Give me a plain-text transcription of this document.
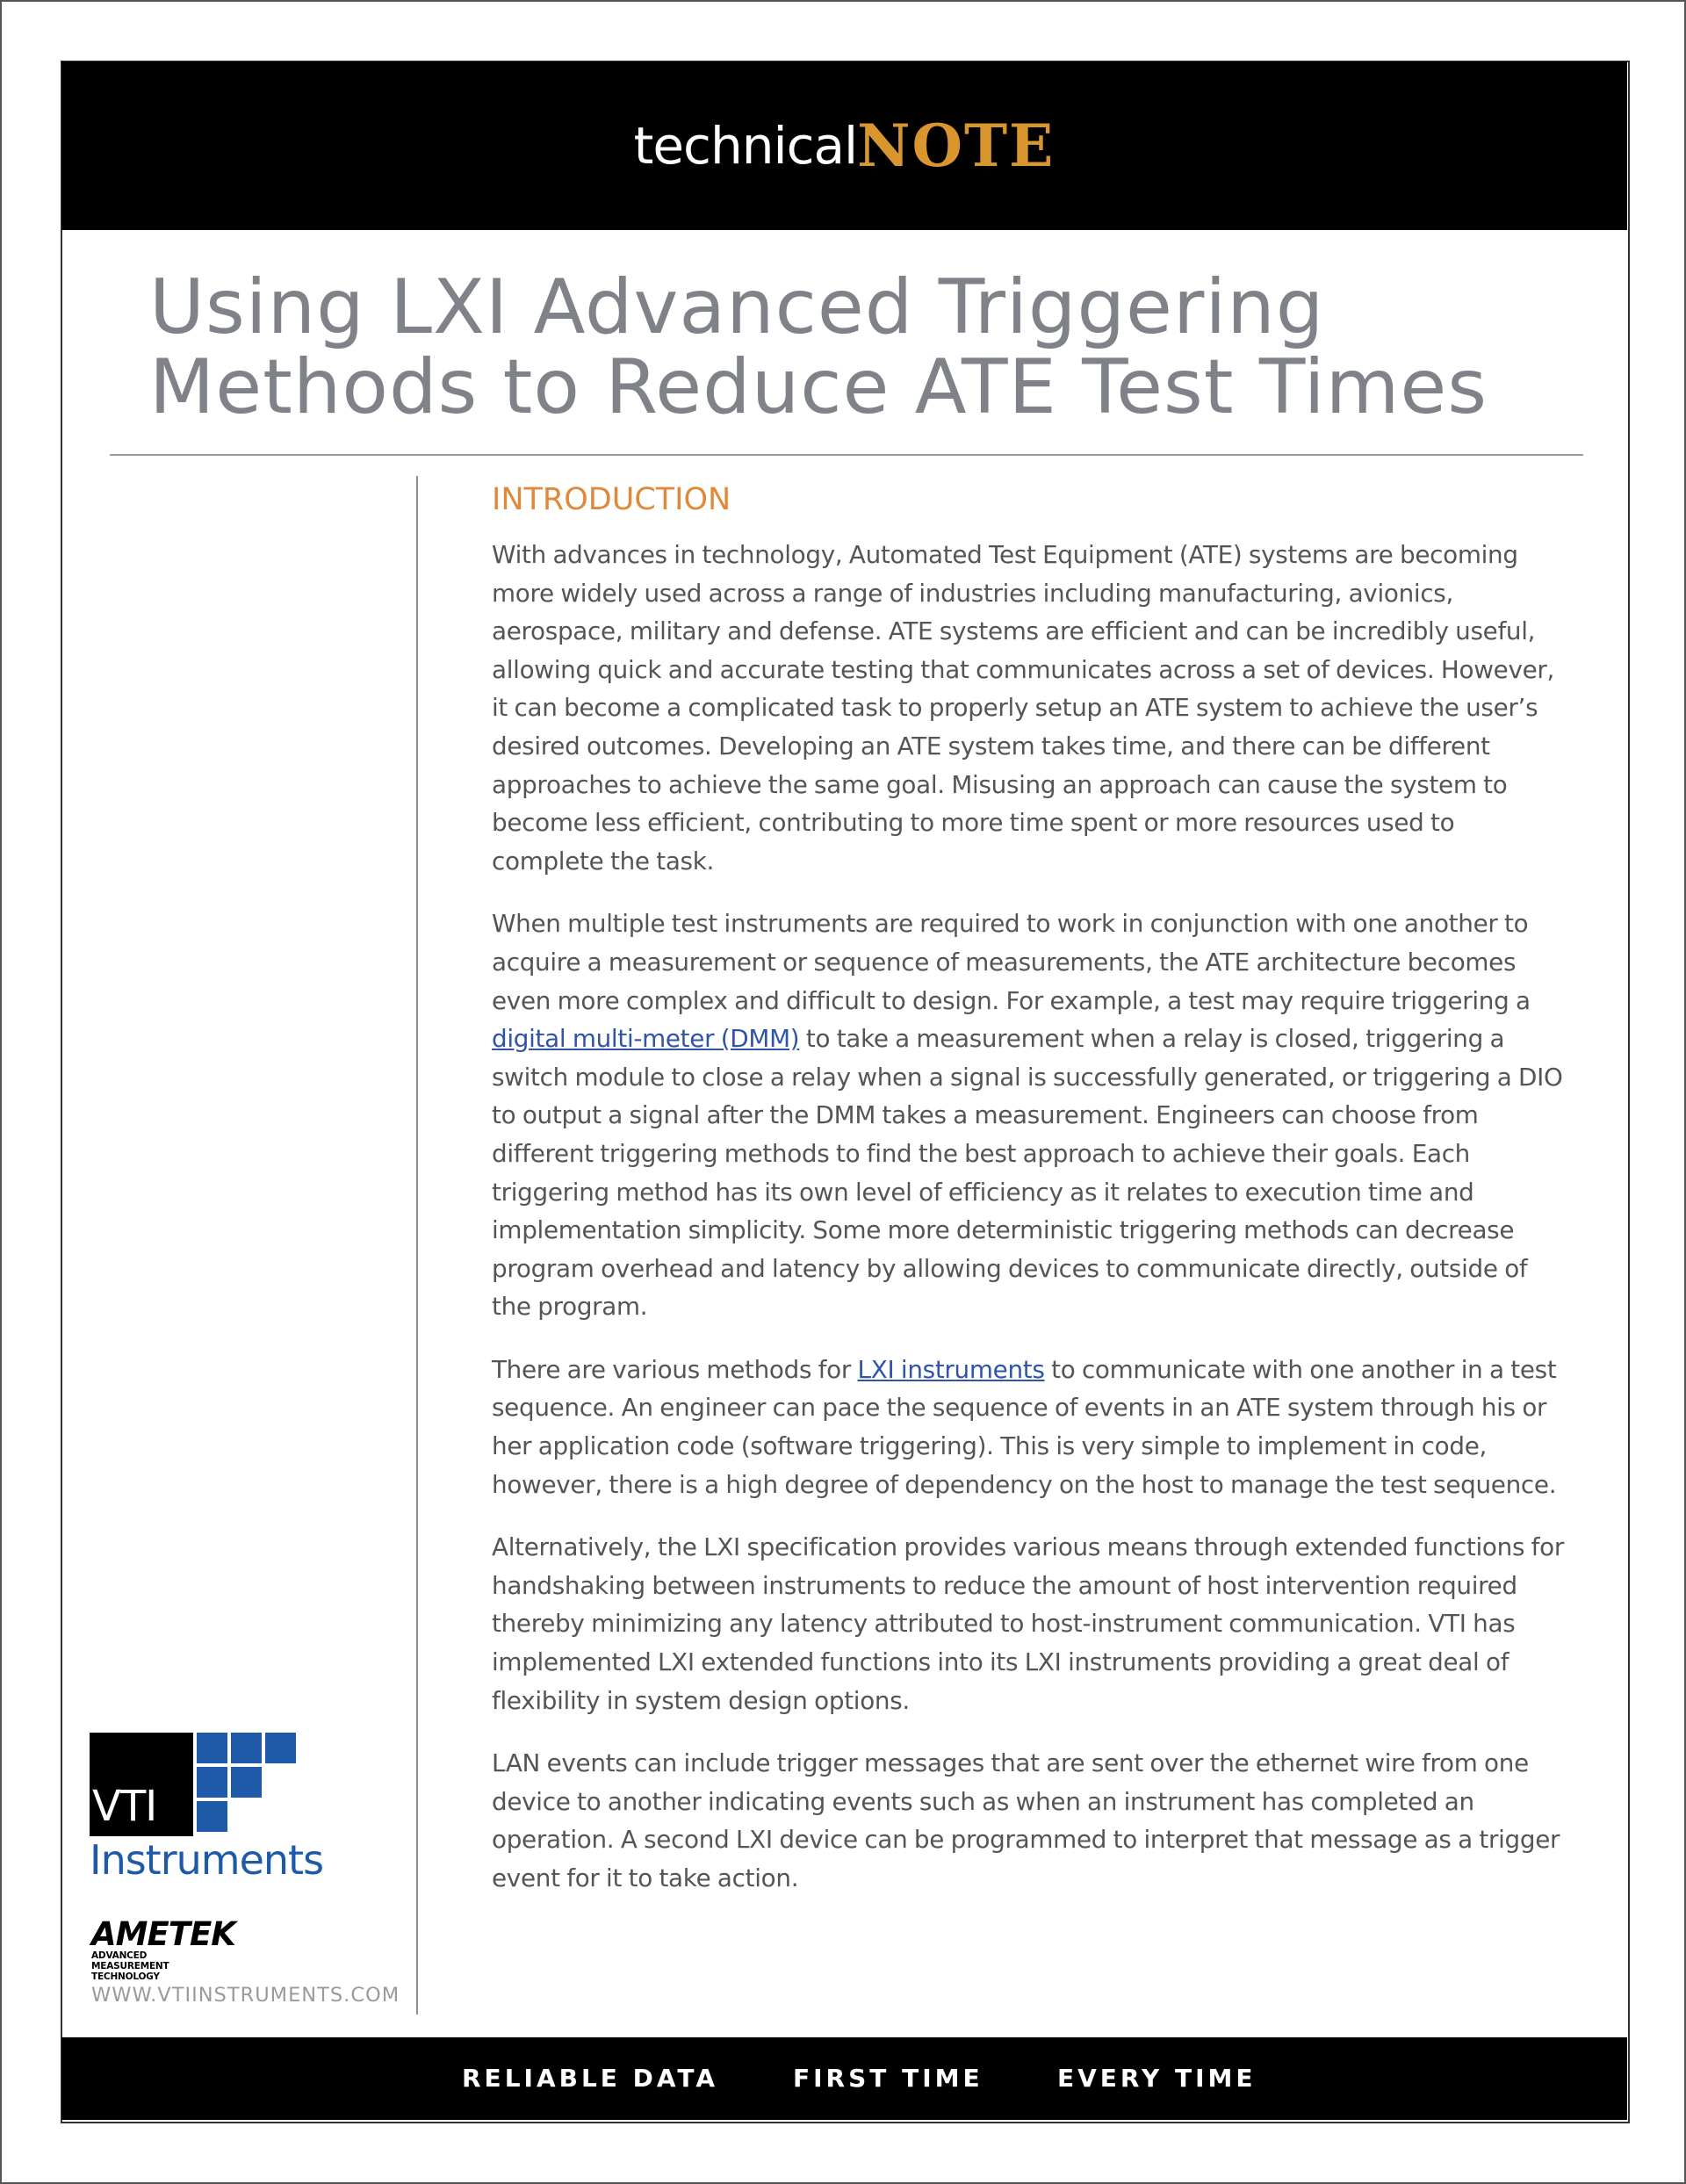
technical NOTE
Using LXI Advanced Triggering
Methods to Reduce ATE Test Times
INTRODUCTION

With advances in technology, Automated Test Equipment (ATE) systems are becoming more widely used across a range of industries including manufacturing, avionics, aerospace, military and defense. ATE systems are efficient and can be incredibly useful, allowing quick and accurate testing that communicates across a set of devices. However, it can become a complicated task to properly setup an ATE system to achieve the user’s desired outcomes. Developing an ATE system takes time, and there can be different approaches to achieve the same goal. Misusing an approach can cause the system to become less efficient, contributing to more time spent or more resources used to complete the task.

When multiple test instruments are required to work in conjunction with one another to acquire a measurement or sequence of measurements, the ATE architecture becomes even more complex and difficult to design. For example, a test may require triggering a digital multi-meter (DMM) to take a measurement when a relay is closed, triggering a switch module to close a relay when a signal is successfully generated, or triggering a DIO to output a signal after the DMM takes a measurement. Engineers can choose from different triggering methods to find the best approach to achieve their goals. Each triggering method has its own level of efficiency as it relates to execution time and implementation simplicity. Some more deterministic triggering methods can decrease program overhead and latency by allowing devices to communicate directly, outside of the program.

There are various methods for LXI instruments to communicate with one another in a test sequence. An engineer can pace the sequence of events in an ATE system through his or her application code (software triggering). This is very simple to implement in code, however, there is a high degree of dependency on the host to manage the test sequence.

Alternatively, the LXI specification provides various means through extended functions for handshaking between instruments to reduce the amount of host intervention required thereby minimizing any latency attributed to host-instrument communication. VTI has implemented LXI extended functions into its LXI instruments providing a great deal of flexibility in system design options.

LAN events can include trigger messages that are sent over the ethernet wire from one device to another indicating events such as when an instrument has completed an operation. A second LXI device can be programmed to interpret that message as a trigger event for it to take action.

VTI
Instruments
AMETEK
ADVANCED MEASUREMENT TECHNOLOGY
WWW.VTIINSTRUMENTS.COM
RELIABLE DATA	FIRST TIME	EVERY TIME
